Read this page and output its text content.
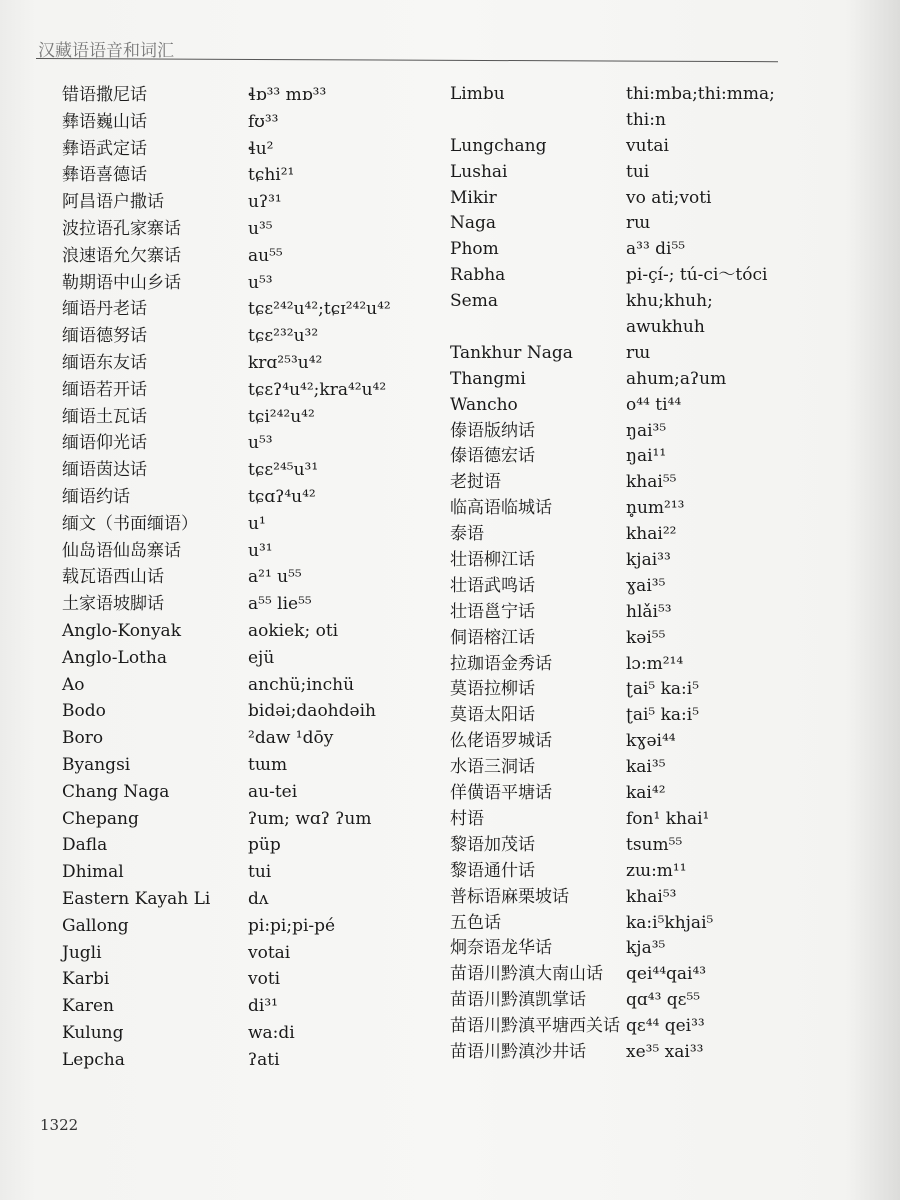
汉藏语语音和词汇
错语撒尼话	ɬɒ³³ mɒ³³
彝语巍山话	fʊ³³
彝语武定话	ɬu²
彝语喜德话	tɕhi²¹
阿昌语户撒话	uʔ³¹
波拉语孔家寨话	u³⁵
浪速语允欠寨话	au⁵⁵
勒期语中山乡话	u⁵³
缅语丹老话	tɕɛ²⁴²u⁴²;tɕɪ²⁴²u⁴²
缅语德努话	tɕɛ²³²u³²
缅语东友话	krɑ²⁵³u⁴²
缅语若开话	tɕɛʔ⁴u⁴²;kra⁴²u⁴²
缅语土瓦话	tɕi²⁴²u⁴²
缅语仰光话	u⁵³
缅语茵达话	tɕɛ²⁴⁵u³¹
缅语约话	tɕɑʔ⁴u⁴²
缅文（书面缅语）	u¹
仙岛语仙岛寨话	u³¹
载瓦语西山话	a²¹ u⁵⁵
土家语坡脚话	a⁵⁵ lie⁵⁵
Anglo-Konyak	aokiek; oti
Anglo-Lotha	ejü
Ao	anchü;inchü
Bodo	bidəi;daohdəih
Boro	²daw ¹dōy
Byangsi	tɯm
Chang Naga	au-tei
Chepang	ʔum; wɑʔ ʔum
Dafla	püp
Dhimal	tui
Eastern Kayah Li dʌ
Gallong	pi:pi;pi-pé
Jugli	votai
Karbi	voti
Karen	di³¹
Kulung	wa:di
Lepcha	ʔati
Limbu	thi:mba;thi:mma;
thi:n
Lungchang	vutai
Lushai	tui
Mikir	vo ati;voti
Naga	rɯ
Phom	a³³ di⁵⁵
Rabha	pi-çí-; tú-ci～tóci
Sema	khu;khuh;
awukhuh
Tankhur Naga	rɯ
Thangmi	ahum;aʔum
Wancho	o⁴⁴ ti⁴⁴
傣语版纳话	ŋai³⁵
傣语德宏话	ŋai¹¹
老挝语	khai⁵⁵
临高语临城话	n̥um²¹³
泰语	khai²²
壮语柳江话	kjai³³
壮语武鸣话	ɣai³⁵
壮语邕宁话	hlǎi⁵³
侗语榕江话	kəi⁵⁵
拉珈语金秀话	lɔ:m²¹⁴
莫语拉柳话	ʈai⁵ ka:i⁵
莫语太阳话	ʈai⁵ ka:i⁵
仫佬语罗城话	kɣəi⁴⁴
水语三洞话	kai³⁵
佯僙语平塘话	kai⁴²
村语	fon¹ khai¹
黎语加茂话	tsum⁵⁵
黎语通什话	zɯ:m¹¹
普标语麻栗坡话	khai⁵³
五色话	ka:i⁵khjai⁵
炯奈语龙华话	kja³⁵
苗语川黔滇大南山话 qei⁴⁴qai⁴³
苗语川黔滇凯掌话 qɑ⁴³ qɛ⁵⁵
苗语川黔滇平塘西关话 qɛ⁴⁴ qei³³
苗语川黔滇沙井话 xe³⁵ xai³³
1322
